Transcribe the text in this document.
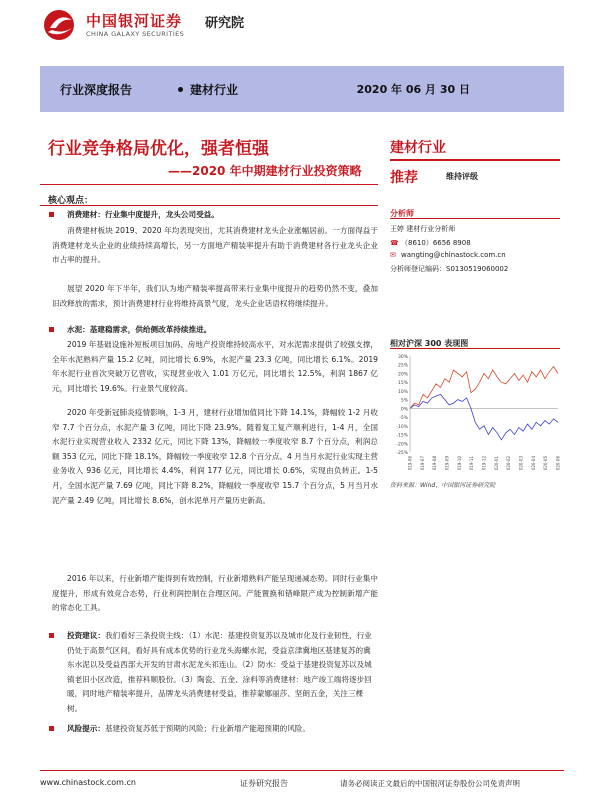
中国银河证券
CHINA GALAXY SECURITIES
研究院
行业深度报告	建材行业	2020 年 06 月 30 日
行业竞争格局优化，强者恒强
——2020 年中期建材行业投资策略
建材行业
推荐	维持评级
分析师
王婷 建材行业分析师
☎ （8610）6656 8908
✉ wangting@chinastock.com.cn
分析师登记编码：S0130519060002
相对沪深 300 表现图
30%
25%
20%
15%
10%
5%
0%
-5%
-10%
-15%
-20%
-25%
2019-06 2019-07 2019-08 2019-09 2019-10 2019-11 2019-12 2020-01 2020-02 2020-03 2020-04 2020-05 2020-06
资料来源：Wind、中国银河证券研究院
核心观点：
消费建材：行业集中度提升，龙头公司受益。
消费建材板块 2019、2020 年均表现突出，尤其消费建材龙头企业涨幅居前。一方面得益于消费建材龙头企业的业绩持续高增长，另一方面地产精装率提升有助于消费建材各行业龙头企业市占率的提升。
展望 2020 年下半年，我们认为地产精装率提高带来行业集中度提升的趋势仍然不变，叠加旧改释放的需求，预计消费建材行业将维持高景气度，龙头企业话语权将继续提升。
水泥：基建稳需求，供给侧改革持续推进。
2019 年基础设施补短板项目加码、房地产投资维持较高水平，对水泥需求提供了较强支撑，全年水泥熟料产量 15.2 亿吨，同比增长 6.9%，水泥产量 23.3 亿吨，同比增长 6.1%。2019 年水泥行业首次突破万亿营收，实现营业收入 1.01 万亿元，同比增长 12.5%，利润 1867 亿元，同比增长 19.6%。行业景气度较高。
2020 年受新冠肺炎疫情影响，1-3 月，建材行业增加值同比下降 14.1%，降幅较 1-2 月收窄 7.7 个百分点，水泥产量 3 亿吨，同比下降 23.9%。随着复工复产顺利进行，1-4 月，全国水泥行业实现营业收入 2332 亿元，同比下降 13%，降幅较一季度收窄 8.7 个百分点，利润总额 353 亿元，同比下降 18.1%，降幅较一季度收窄 12.8 个百分点。4 月当月水泥行业实现主营业务收入 936 亿元，同比增长 4.4%，利润 177 亿元，同比增长 0.6%，实现由负转正。1-5 月，全国水泥产量 7.69 亿吨，同比下降 8.2%，降幅较一季度收窄 15.7 个百分点，5 月当月水泥产量 2.49 亿吨，同比增长 8.6%，创水泥单月产量历史新高。
2016 年以来，行业新增产能得到有效控制，行业新增熟料产能呈现递减态势。同时行业集中度提升，形成有效竞合态势，行业利润控制在合理区间。产能置换和错峰限产成为控制新增产能的常态化工具。
投资建议：我们看好三条投资主线：（1）水泥：基建投资复苏以及城市化及行业韧性，行业仍处于高景气区间，看好具有成本优势的行业龙头海螺水泥，受益京津冀地区基建复苏的冀东水泥以及受益西部大开发的甘肃水泥龙头祁连山。（2）防水：受益于基建投资复苏以及城镇老旧小区改造，推荐科顺股份。（3）陶瓷、五金、涂料等消费建材：地产竣工端将逐步回暖，同时地产精装率提升，品牌龙头消费建材受益，推荐蒙娜丽莎、坚朗五金，关注三棵树。
风险提示：基建投资复苏低于预期的风险；行业新增产能超预期的风险。
www.chinastock.com.cn	证券研究报告	请务必阅读正文最后的中国银河证券股份公司免责声明
